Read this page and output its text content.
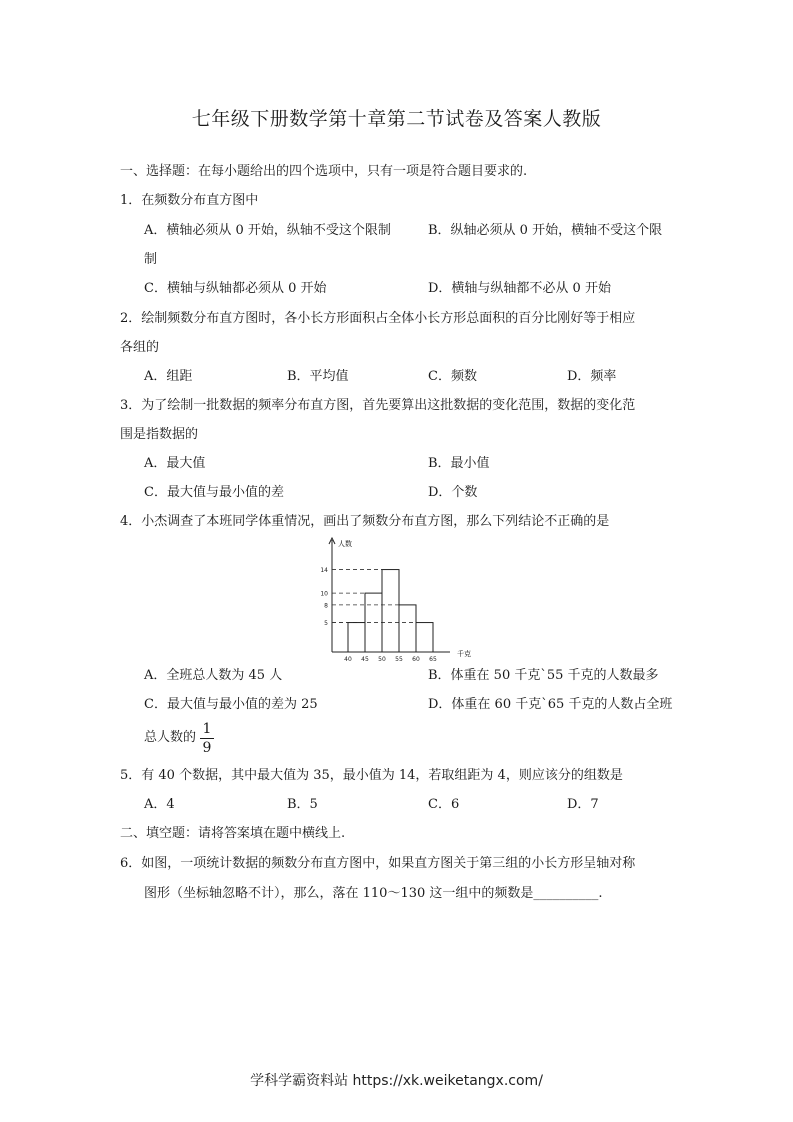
七年级下册数学第十章第二节试卷及答案人教版
一、选择题：在每小题给出的四个选项中，只有一项是符合题目要求的.
1．在频数分布直方图中
A．横轴必须从 0 开始，纵轴不受这个限制	B．纵轴必须从 0 开始，横轴不受这个限
制
C．横轴与纵轴都必须从 0 开始	D．横轴与纵轴都不必从 0 开始
2．绘制频数分布直方图时，各小长方形面积占全体小长方形总面积的百分比刚好等于相应
各组的
A．组距	B．平均值	C．频数	D．频率
3．为了绘制一批数据的频率分布直方图，首先要算出这批数据的变化范围，数据的变化范
围是指数据的
A．最大值	B．最小值
C．最大值与最小值的差	D．个数
4．小杰调查了本班同学体重情况，画出了频数分布直方图，那么下列结论不正确的是
14
10
8
5
40 45 50 55 60 65
人数
千克
A．全班总人数为 45 人	B．体重在 50 千克`55 千克的人数最多
C．最大值与最小值的差为 25	D．体重在 60 千克`65 千克的人数占全班
总人数的
1
9
5．有 40 个数据，其中最大值为 35，最小值为 14，若取组距为 4，则应该分的组数是
A．4	B．5	C．6	D．7
二、填空题：请将答案填在题中横线上.
6．如图，一项统计数据的频数分布直方图中，如果直方图关于第三组的小长方形呈轴对称
图形（坐标轴忽略不计），那么，落在 110～130 这一组中的频数是__________.
学科学霸资料站 https://xk.weiketangx.com/
